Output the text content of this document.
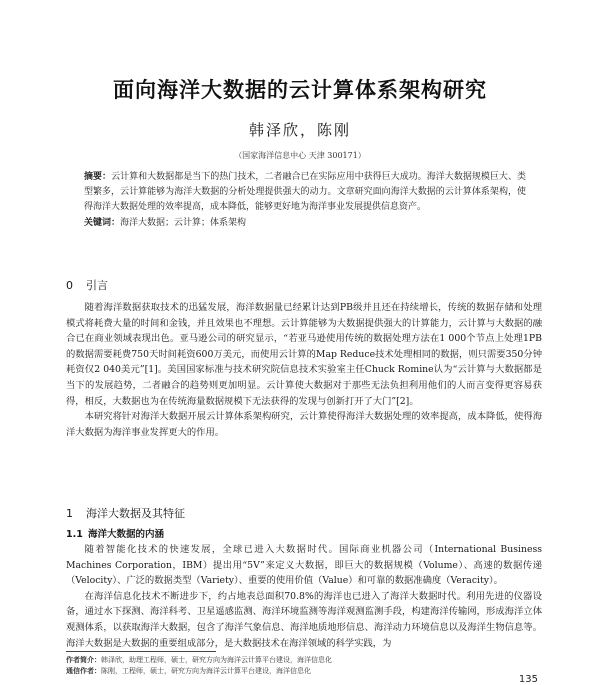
面向海洋大数据的云计算体系架构研究
韩泽欣，陈刚
（国家海洋信息中心 天津 300171）
摘要：云计算和大数据都是当下的热门技术，二者融合已在实际应用中获得巨大成功。海洋大数据规模巨大、类型繁多，云计算能够为海洋大数据的分析处理提供强大的动力。文章研究面向海洋大数据的云计算体系架构，使得海洋大数据处理的效率提高，成本降低，能够更好地为海洋事业发展提供信息资产。
关键词：海洋大数据；云计算；体系架构
0 引言

随着海洋数据获取技术的迅猛发展，海洋数据量已经累计达到PB级并且还在持续增长，传统的数据存储和处理模式将耗费大量的时间和金钱，并且效果也不理想。云计算能够为大数据提供强大的计算能力，云计算与大数据的融合已在商业领域表现出色。亚马逊公司的研究显示，“若亚马逊使用传统的数据处理方法在1 000个节点上处理1PB的数据需要耗费750天时间耗资600万美元，而使用云计算的Map Reduce技术处理相同的数据，则只需要350分钟耗资仅2 040美元”[1]。美国国家标准与技术研究院信息技术实验室主任Chuck Romine认为“云计算与大数据都是当下的发展趋势，二者融合的趋势则更加明显。云计算使大数据对于那些无法负担利用他们的人而言变得更容易获得，相反，大数据也为在传统海量数据规模下无法获得的发现与创新打开了大门”[2]。

本研究将针对海洋大数据开展云计算体系架构研究，云计算使得海洋大数据处理的效率提高，成本降低，使得海洋大数据为海洋事业发挥更大的作用。

1 海洋大数据及其特征
1.1 海洋大数据的内涵

随着智能化技术的快速发展，全球已进入大数据时代。国际商业机器公司（International Business Machines Corporation，IBM）提出用“5V”来定义大数据，即巨大的数据规模（Volume）、高速的数据传递（Velocity）、广泛的数据类型（Variety）、重要的使用价值（Value）和可靠的数据准确度（Veracity）。

在海洋信息化技术不断进步下，约占地表总面积70.8%的海洋也已进入了海洋大数据时代。利用先进的仪器设备，通过水下探测、海洋科考、卫星遥感监测、海洋环境监测等海洋观测监测手段，构建海洋传输网，形成海洋立体观测体系，以获取海洋大数据，包含了海洋气象信息、海洋地质地形信息、海洋动力环境信息以及海洋生物信息等。海洋大数据是大数据的重要组成部分，是大数据技术在海洋领域的科学实践，为

作者简介：韩泽欣，助理工程师，硕士，研究方向为海洋云计算平台建设，海洋信息化
通信作者：陈刚，工程师，硕士，研究方向为海洋云计算平台建设，海洋信息化
135
